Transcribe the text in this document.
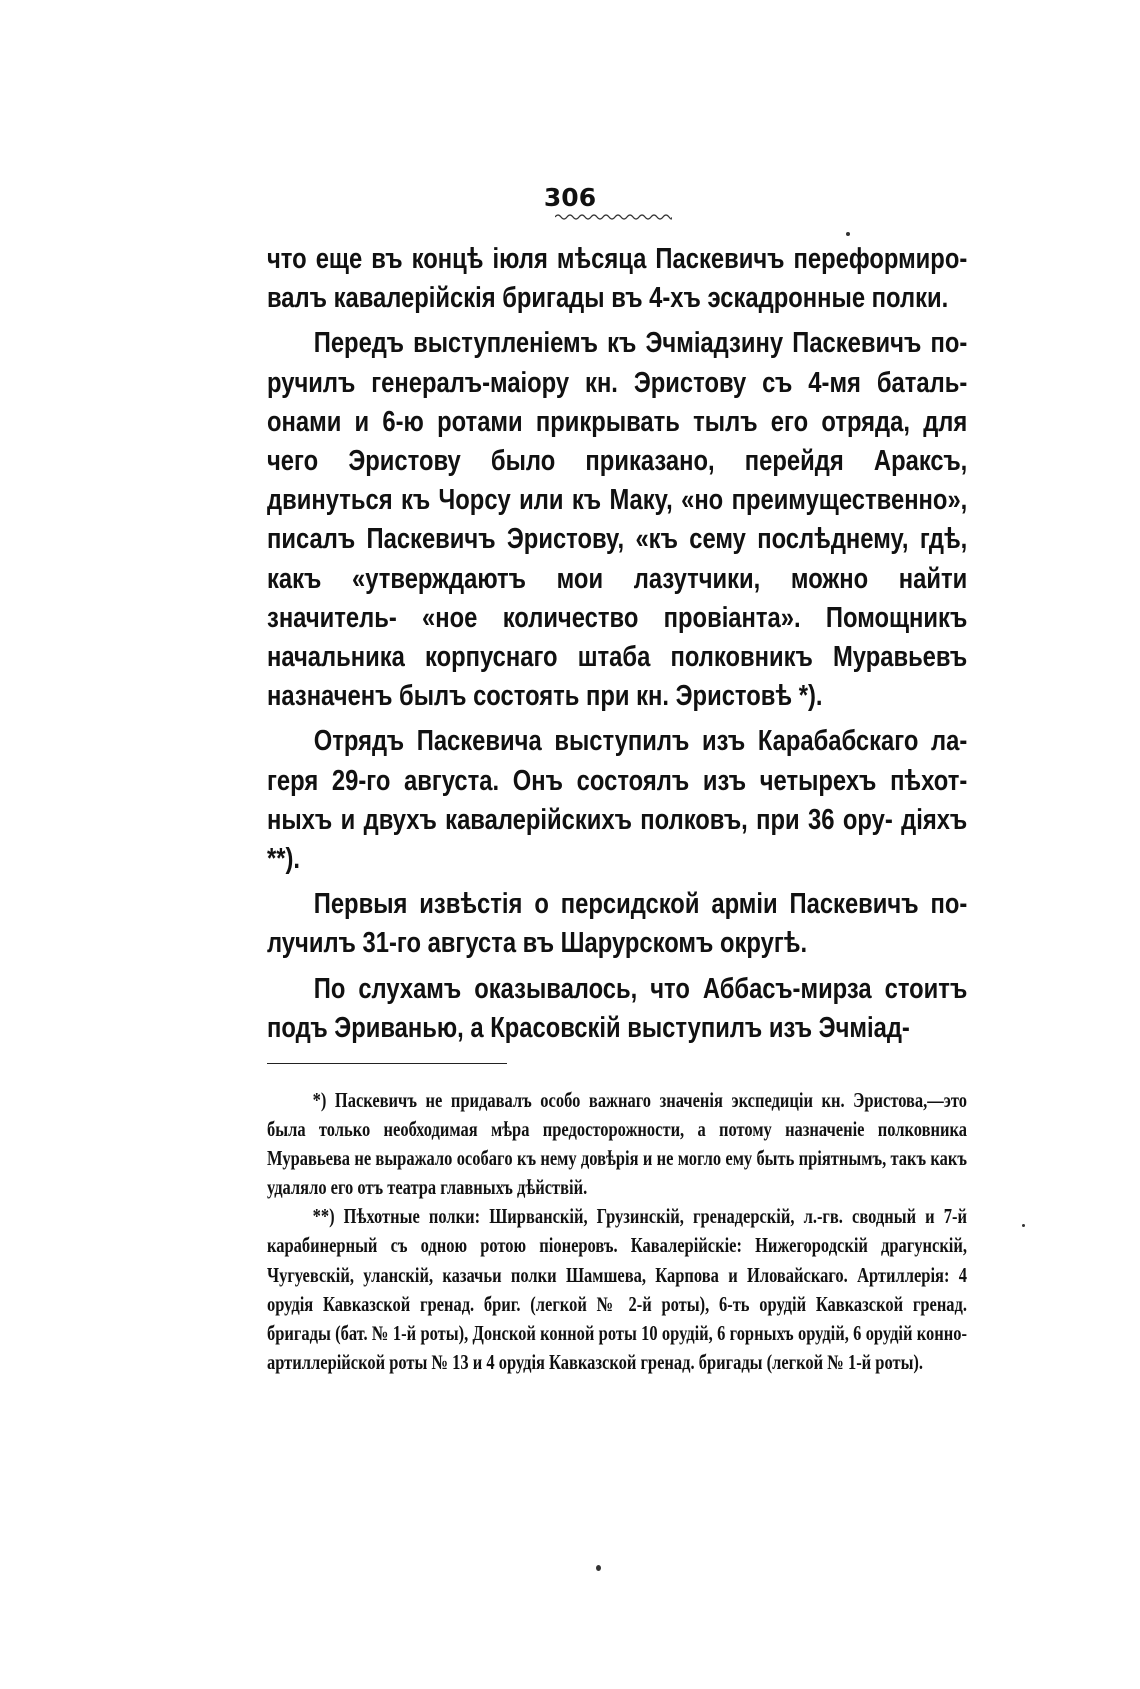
306

что еще въ концѣ іюля мѣсяца Паскевичъ переформиро- валъ кавалерійскія бригады въ 4-хъ эскадронные полки.

Передъ выступленіемъ къ Эчміадзину Паскевичъ по- ручилъ генералъ-маіору кн. Эристову съ 4-мя баталь- онами и 6-ю ротами прикрывать тылъ его отряда, для чего Эристову было приказано, перейдя Араксъ, двинуться къ Чорсу или къ Маку, «но преимущественно», писалъ Паскевичъ Эристову, «къ сему послѣднему, гдѣ, какъ «утверждаютъ мои лазутчики, можно найти значитель- «ное количество провіанта». Помощникъ начальника корпуснаго штаба полковникъ Муравьевъ назначенъ былъ состоять при кн. Эристовѣ *).

Отрядъ Паскевича выступилъ изъ Карабабскаго ла- геря 29-го августа. Онъ состоялъ изъ четырехъ пѣхот- ныхъ и двухъ кавалерійскихъ полковъ, при 36 ору- діяхъ **).

Первыя извѣстія о персидской арміи Паскевичъ по- лучилъ 31-го августа въ Шарурскомъ округѣ.

По слухамъ оказывалось, что Аббасъ-мирза стоитъ подъ Эриванью, а Красовскій выступилъ изъ Эчміад-

*) Паскевичъ не придавалъ особо важнаго значенія экспедиціи кн. Эристова,—это была только необходимая мѣра предосторожности, а потому назначеніе полковника Муравьева не выражало особагo къ нему довѣрія и не могло ему быть пріятнымъ, такъ какъ удаляло его отъ театра главныхъ дѣйствій.

**) Пѣхотные полки: Ширванскій, Грузинскій, гренадерскій, л.-гв. сводный и 7-й карабинерный съ одною ротою піонеровъ. Кавалерійскіе: Нижегородскій драгунскій, Чугуевскій, уланскій, казачьи полки Шамшева, Карпова и Иловайскаго. Артиллерія: 4 орудія Кавказской гренад. бриг. (легкой № 2-й роты), 6-ть орудій Кавказской гренад. бригады (бат. № 1-й роты), Донской конной роты 10 орудій, 6 горныхъ орудій, 6 орудій конно-артиллерійской роты № 13 и 4 орудія Кавказской гренад. бригады (легкой № 1-й роты).
